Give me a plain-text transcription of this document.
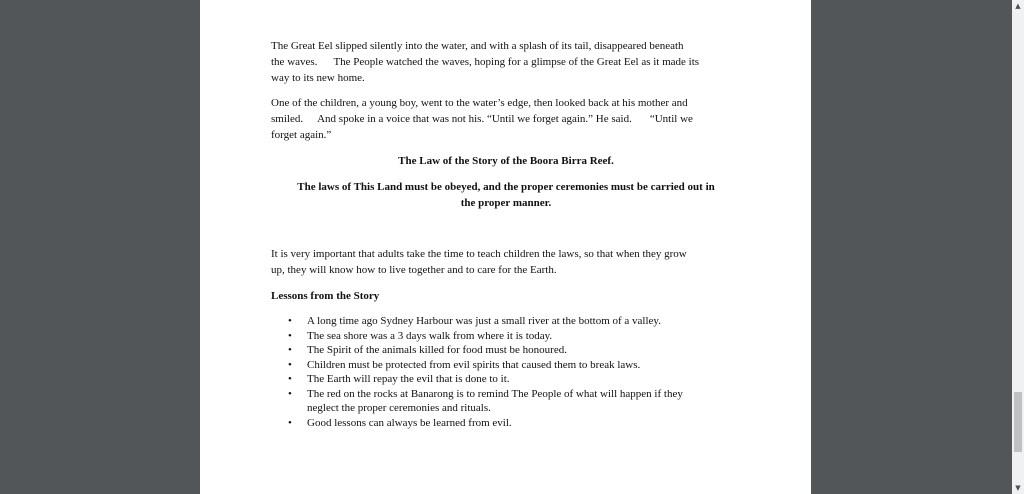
The Great Eel slipped silently into the water, and with a splash of its tail, disappeared beneath
the waves. The People watched the waves, hoping for a glimpse of the Great Eel as it made its
way to its new home.

One of the children, a young boy, went to the water’s edge, then looked back at his mother and
smiled. And spoke in a voice that was not his. “Until we forget again.” He said. “Until we
forget again.”

The Law of the Story of the Boora Birra Reef.

The laws of This Land must be obeyed, and the proper ceremonies must be carried out in
the proper manner.

It is very important that adults take the time to teach children the laws, so that when they grow
up, they will know how to live together and to care for the Earth.

Lessons from the Story

• A long time ago Sydney Harbour was just a small river at the bottom of a valley.
• The sea shore was a 3 days walk from where it is today.
• The Spirit of the animals killed for food must be honoured.
• Children must be protected from evil spirits that caused them to break laws.
• The Earth will repay the evil that is done to it.
• The red on the rocks at Banarong is to remind The People of what will happen if they
neglect the proper ceremonies and rituals.
• Good lessons can always be learned from evil.
▲
▼
